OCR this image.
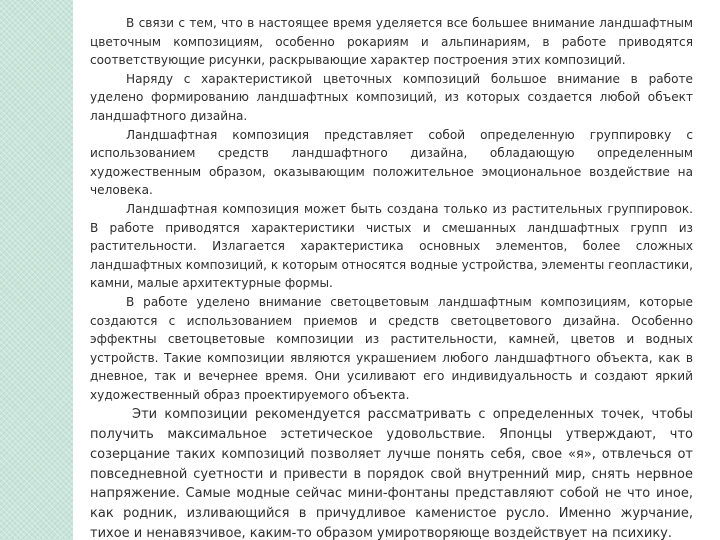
В связи с тем, что в настоящее время уделяется все большее внимание ландшафтным цветочным композициям, особенно рокариям и альпинариям, в работе приводятся соответствующие рисунки, раскрывающие характер построения этих композиций.

Наряду с характеристикой цветочных композиций большое внимание в работе уделено формированию ландшафтных композиций, из которых создается любой объект ландшафтного дизайна.

Ландшафтная композиция представляет собой определенную группировку с использованием средств ландшафтного дизайна, обладающую определенным художественным образом, оказывающим положительное эмоциональное воздействие на человека.

Ландшафтная композиция может быть создана только из растительных группировок. В работе приводятся характеристики чистых и смешанных ландшафтных групп из растительности. Излагается характеристика основных элементов, более сложных ландшафтных композиций, к которым относятся водные устройства, элементы геопластики, камни, малые архитектурные формы.

В работе уделено внимание светоцветовым ландшафтным композициям, которые создаются с использованием приемов и средств светоцветового дизайна. Особенно эффектны светоцветовые композиции из растительности, камней, цветов и водных устройств. Такие композиции являются украшением любого ландшафтного объекта, как в дневное, так и вечернее время. Они усиливают его индивидуальность и создают яркий художественный образ проектируемого объекта.

Эти композиции рекомендуется рассматривать с определенных точек, чтобы получить максимальное эстетическое удовольствие. Японцы утверждают, что созерцание таких композиций позволяет лучше понять себя, свое «я», отвлечься от повседневной суетности и привести в порядок свой внутренний мир, снять нервное напряжение. Самые модные сейчас мини-фонтаны представляют собой не что иное, как родник, изливающийся в причудливое каменистое русло. Именно журчание, тихое и ненавязчивое, каким-то образом умиротворяюще воздействует на психику.
